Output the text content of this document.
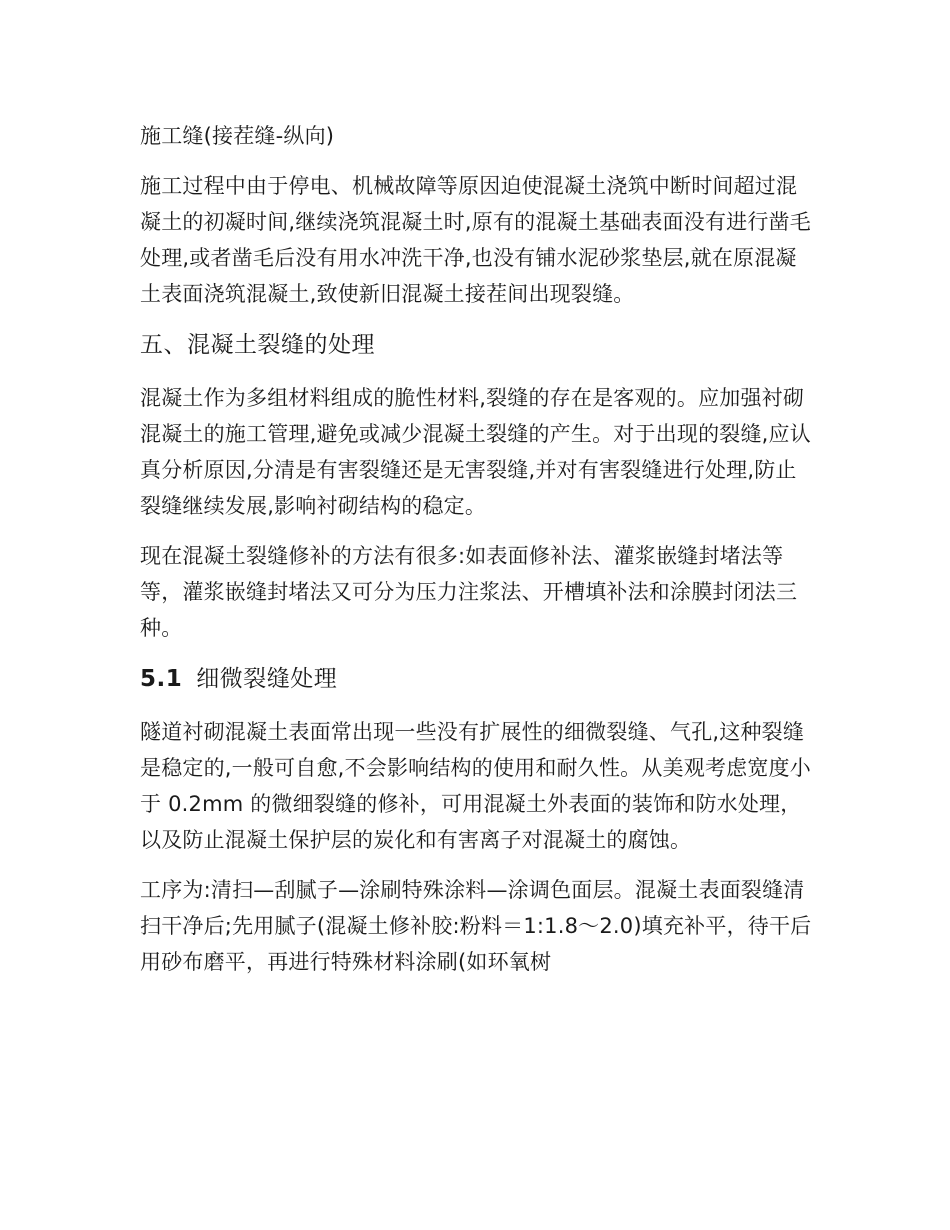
施工缝(接茬缝-纵向)

施工过程中由于停电、机械故障等原因迫使混凝土浇筑中断时间超过混凝土的初凝时间,继续浇筑混凝土时,原有的混凝土基础表面没有进行凿毛处理,或者凿毛后没有用水冲洗干净,也没有铺水泥砂浆垫层,就在原混凝土表面浇筑混凝土,致使新旧混凝土接茬间出现裂缝。

五、混凝土裂缝的处理

混凝土作为多组材料组成的脆性材料,裂缝的存在是客观的。应加强衬砌混凝土的施工管理,避免或减少混凝土裂缝的产生。对于出现的裂缝,应认真分析原因,分清是有害裂缝还是无害裂缝,并对有害裂缝进行处理,防止裂缝继续发展,影响衬砌结构的稳定。

现在混凝土裂缝修补的方法有很多:如表面修补法、灌浆嵌缝封堵法等等，灌浆嵌缝封堵法又可分为压力注浆法、开槽填补法和涂膜封闭法三种。

5.1 细微裂缝处理

隧道衬砌混凝土表面常出现一些没有扩展性的细微裂缝、气孔,这种裂缝是稳定的,一般可自愈,不会影响结构的使用和耐久性。从美观考虑宽度小于 0.2mm 的微细裂缝的修补，可用混凝土外表面的装饰和防水处理，以及防止混凝土保护层的炭化和有害离子对混凝土的腐蚀。

工序为:清扫—刮腻子—涂刷特殊涂料—涂调色面层。混凝土表面裂缝清扫干净后;先用腻子(混凝土修补胶:粉料＝1:1.8～2.0)填充补平，待干后用砂布磨平，再进行特殊材料涂刷(如环氧树
